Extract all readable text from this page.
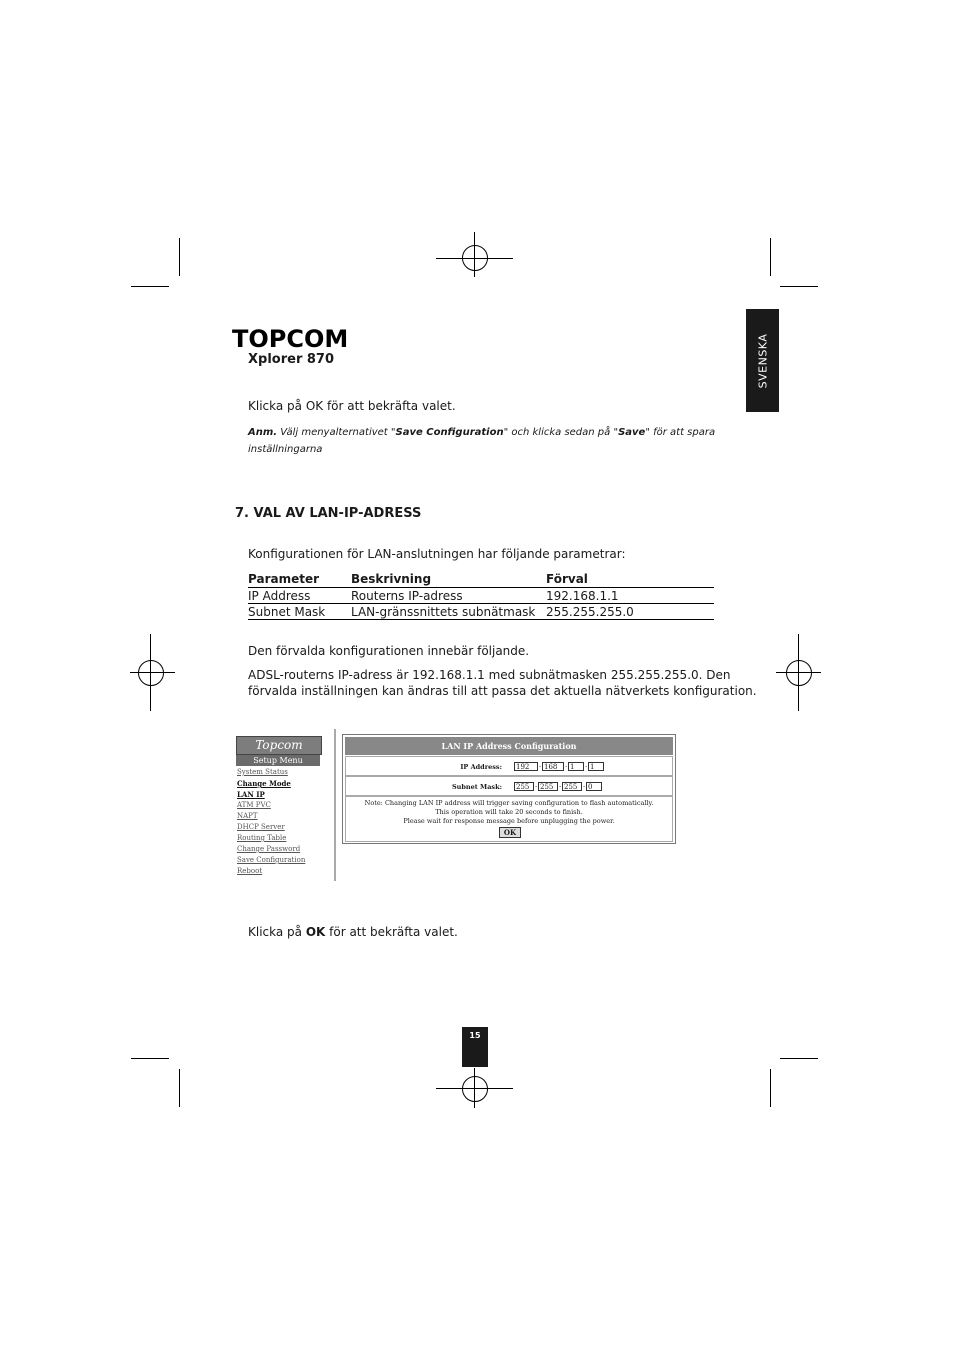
TOPCOM
Xplorer 870	SVENSKA
Klicka på OK för att bekräfta valet.
Anm. Välj menyalternativet "Save Configuration" och klicka sedan på "Save" för att spara inställningarna
7. VAL AV LAN-IP-ADRESS
Konfigurationen för LAN-anslutningen har följande parametrar:
Parameter	Beskrivning	Förval
IP Address	Routerns IP-adress	192.168.1.1
Subnet Mask	LAN-gränssnittets subnätmask	255.255.255.0
Den förvalda konfigurationen innebär följande.
ADSL-routerns IP-adress är 192.168.1.1 med subnätmasken 255.255.255.0. Den
förvalda inställningen kan ändras till att passa det aktuella nätverkets konfiguration.
Topcom
Setup Menu
System Status
Change Mode
LAN IP
ATM PVC
NAPT
DHCP Server
Routing Table
Change Password
Save Configuration
Reboot
LAN IP Address Configuration
IP Address: 192	. 168	. 1	. 1
Subnet Mask: 255 . 255 . 255 . 0
Note: Changing LAN IP address will trigger saving configuration to flash automatically.
This operation will take 20 seconds to finish.
Please wait for response message before unplugging the power.
OK
Klicka på OK för att bekräfta valet.
15
